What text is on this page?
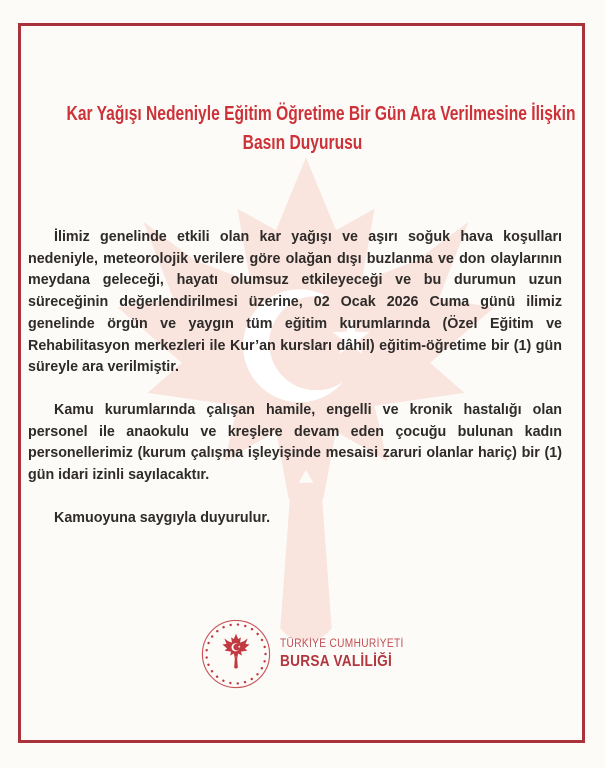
Kar Yağışı Nedeniyle Eğitim Öğretime Bir Gün Ara Verilmesine İlişkin
Basın Duyurusu

İlimiz genelinde etkili olan kar yağışı ve aşırı soğuk hava koşulları nedeniyle, meteorolojik verilere göre olağan dışı buzlanma ve don olaylarının meydana geleceği, hayatı olumsuz etkileyeceği ve bu durumun uzun süreceğinin değerlendirilmesi üzerine, 02 Ocak 2026 Cuma günü ilimiz genelinde örgün ve yaygın tüm eğitim kurumlarında (Özel Eğitim ve Rehabilitasyon merkezleri ile Kur’an kursları dâhil) eğitim-öğretime bir (1) gün süreyle ara verilmiştir.

Kamu kurumlarında çalışan hamile, engelli ve kronik hastalığı olan personel ile anaokulu ve kreşlere devam eden çocuğu bulunan kadın personellerimiz (kurum çalışma işleyişinde mesaisi zaruri olanlar hariç) bir (1) gün idari izinli sayılacaktır.

Kamuoyuna saygıyla duyurulur.

TÜRKİYE CUMHURİYETİ
BURSA VALİLİĞİ
